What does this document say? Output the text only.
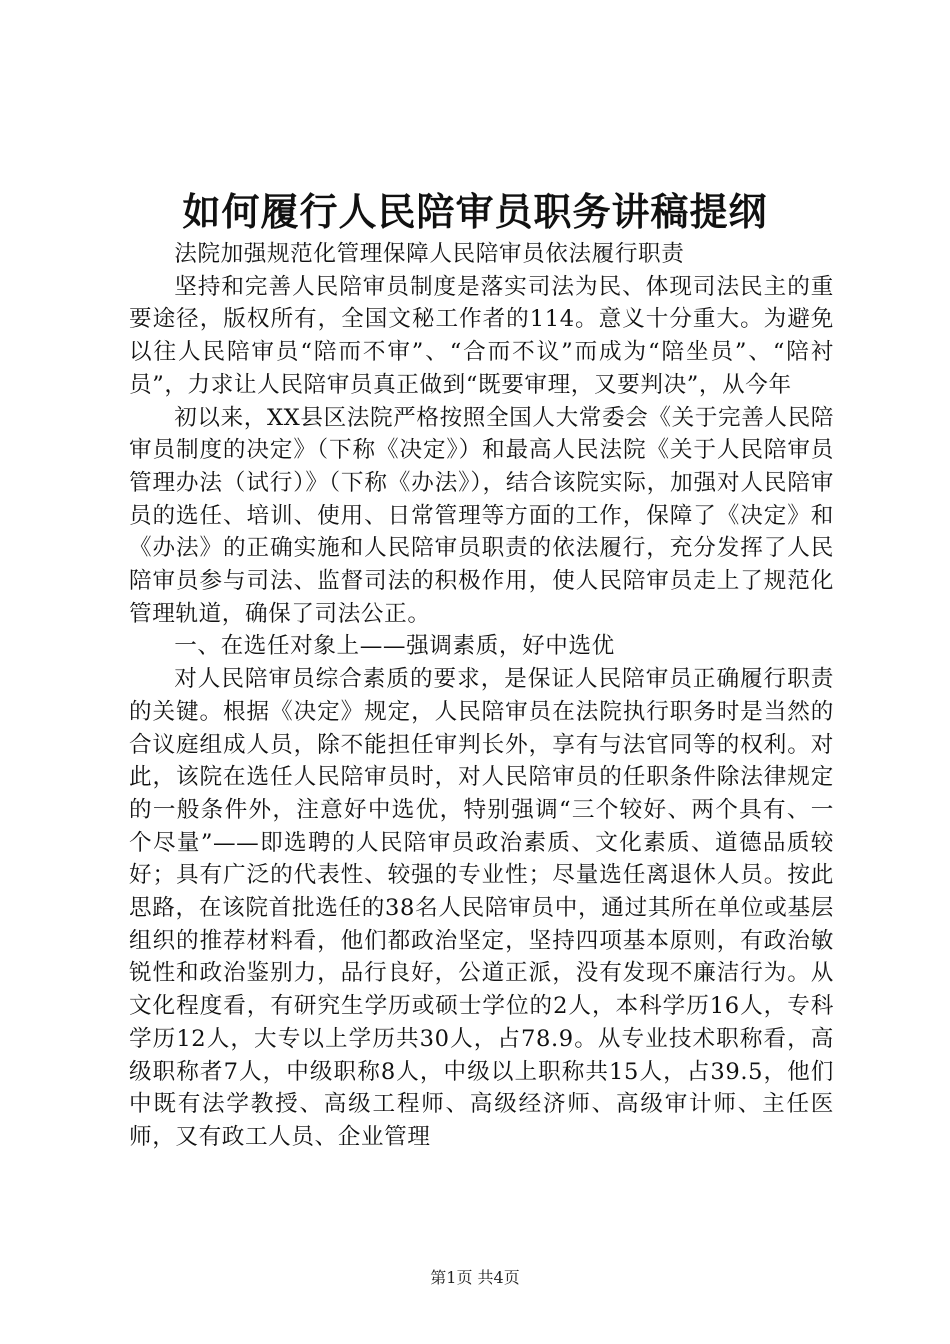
如何履行人民陪审员职务讲稿提纲

法院加强规范化管理保障人民陪审员依法履行职责

坚持和完善人民陪审员制度是落实司法为民、体现司法民主的重要途径，版权所有，全国文秘工作者的114。意义十分重大。为避免以往人民陪审员“陪而不审”、“合而不议”而成为“陪坐员”、“陪衬员”，力求让人民陪审员真正做到“既要审理，又要判决”，从今年

初以来，XX县区法院严格按照全国人大常委会《关于完善人民陪审员制度的决定》（下称《决定》）和最高人民法院《关于人民陪审员管理办法（试行）》（下称《办法》），结合该院实际，加强对人民陪审员的选任、培训、使用、日常管理等方面的工作，保障了《决定》和《办法》的正确实施和人民陪审员职责的依法履行，充分发挥了人民陪审员参与司法、监督司法的积极作用，使人民陪审员走上了规范化管理轨道，确保了司法公正。

一、在选任对象上——强调素质，好中选优

对人民陪审员综合素质的要求，是保证人民陪审员正确履行职责的关键。根据《决定》规定，人民陪审员在法院执行职务时是当然的合议庭组成人员，除不能担任审判长外，享有与法官同等的权利。对此，该院在选任人民陪审员时，对人民陪审员的任职条件除法律规定的一般条件外，注意好中选优，特别强调“三个较好、两个具有、一个尽量”——即选聘的人民陪审员政治素质、文化素质、道德品质较好；具有广泛的代表性、较强的专业性；尽量选任离退休人员。按此思路，在该院首批选任的38名人民陪审员中，通过其所在单位或基层组织的推荐材料看，他们都政治坚定，坚持四项基本原则，有政治敏锐性和政治鉴别力，品行良好，公道正派，没有发现不廉洁行为。从文化程度看，有研究生学历或硕士学位的2人，本科学历16人，专科学历12人，大专以上学历共30人，占78.9。从专业技术职称看，高级职称者7人，中级职称8人，中级以上职称共15人，占39.5，他们中既有法学教授、高级工程师、高级经济师、高级审计师、主任医师，又有政工人员、企业管理

第1页 共4页
